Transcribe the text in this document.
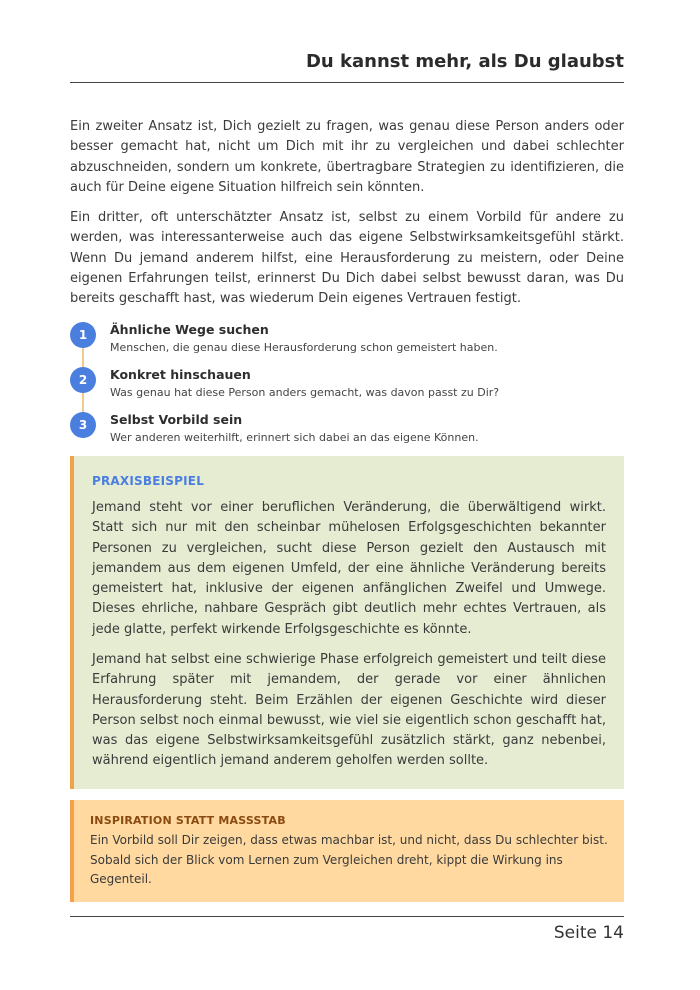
Du kannst mehr, als Du glaubst

Ein zweiter Ansatz ist, Dich gezielt zu fragen, was genau diese Person anders oder besser gemacht hat, nicht um Dich mit ihr zu vergleichen und dabei schlechter abzuschneiden, sondern um konkrete, übertragbare Strategien zu identifizieren, die auch für Deine eigene Situation hilfreich sein könnten.

Ein dritter, oft unterschätzter Ansatz ist, selbst zu einem Vorbild für andere zu werden, was interessanterweise auch das eigene Selbstwirksamkeitsgefühl stärkt. Wenn Du jemand anderem hilfst, eine Herausforderung zu meistern, oder Deine eigenen Erfahrungen teilst, erinnerst Du Dich dabei selbst bewusst daran, was Du bereits geschafft hast, was wiederum Dein eigenes Vertrauen festigt.

1	Ähnliche Wege suchen
Menschen, die genau diese Herausforderung schon gemeistert haben.
2	Konkret hinschauen
Was genau hat diese Person anders gemacht, was davon passt zu Dir?
3	Selbst Vorbild sein
Wer anderen weiterhilft, erinnert sich dabei an das eigene Können.
PRAXISBEISPIEL

Jemand steht vor einer beruflichen Veränderung, die überwältigend wirkt. Statt sich nur mit den scheinbar mühelosen Erfolgsgeschichten bekannter Personen zu vergleichen, sucht diese Person gezielt den Austausch mit jemandem aus dem eigenen Umfeld, der eine ähnliche Veränderung bereits gemeistert hat, inklusive der eigenen anfänglichen Zweifel und Umwege. Dieses ehrliche, nahbare Gespräch gibt deutlich mehr echtes Vertrauen, als jede glatte, perfekt wirkende Erfolgsgeschichte es könnte.

Jemand hat selbst eine schwierige Phase erfolgreich gemeistert und teilt diese Erfahrung später mit jemandem, der gerade vor einer ähnlichen Herausforderung steht. Beim Erzählen der eigenen Geschichte wird dieser Person selbst noch einmal bewusst, wie viel sie eigentlich schon geschafft hat, was das eigene Selbstwirksamkeitsgefühl zusätzlich stärkt, ganz nebenbei, während eigentlich jemand anderem geholfen werden sollte.

INSPIRATION STATT MASSSTAB
Ein Vorbild soll Dir zeigen, dass etwas machbar ist, und nicht, dass Du schlechter bist. Sobald sich der Blick vom Lernen zum Vergleichen dreht, kippt die Wirkung ins Gegenteil.
Seite 14
